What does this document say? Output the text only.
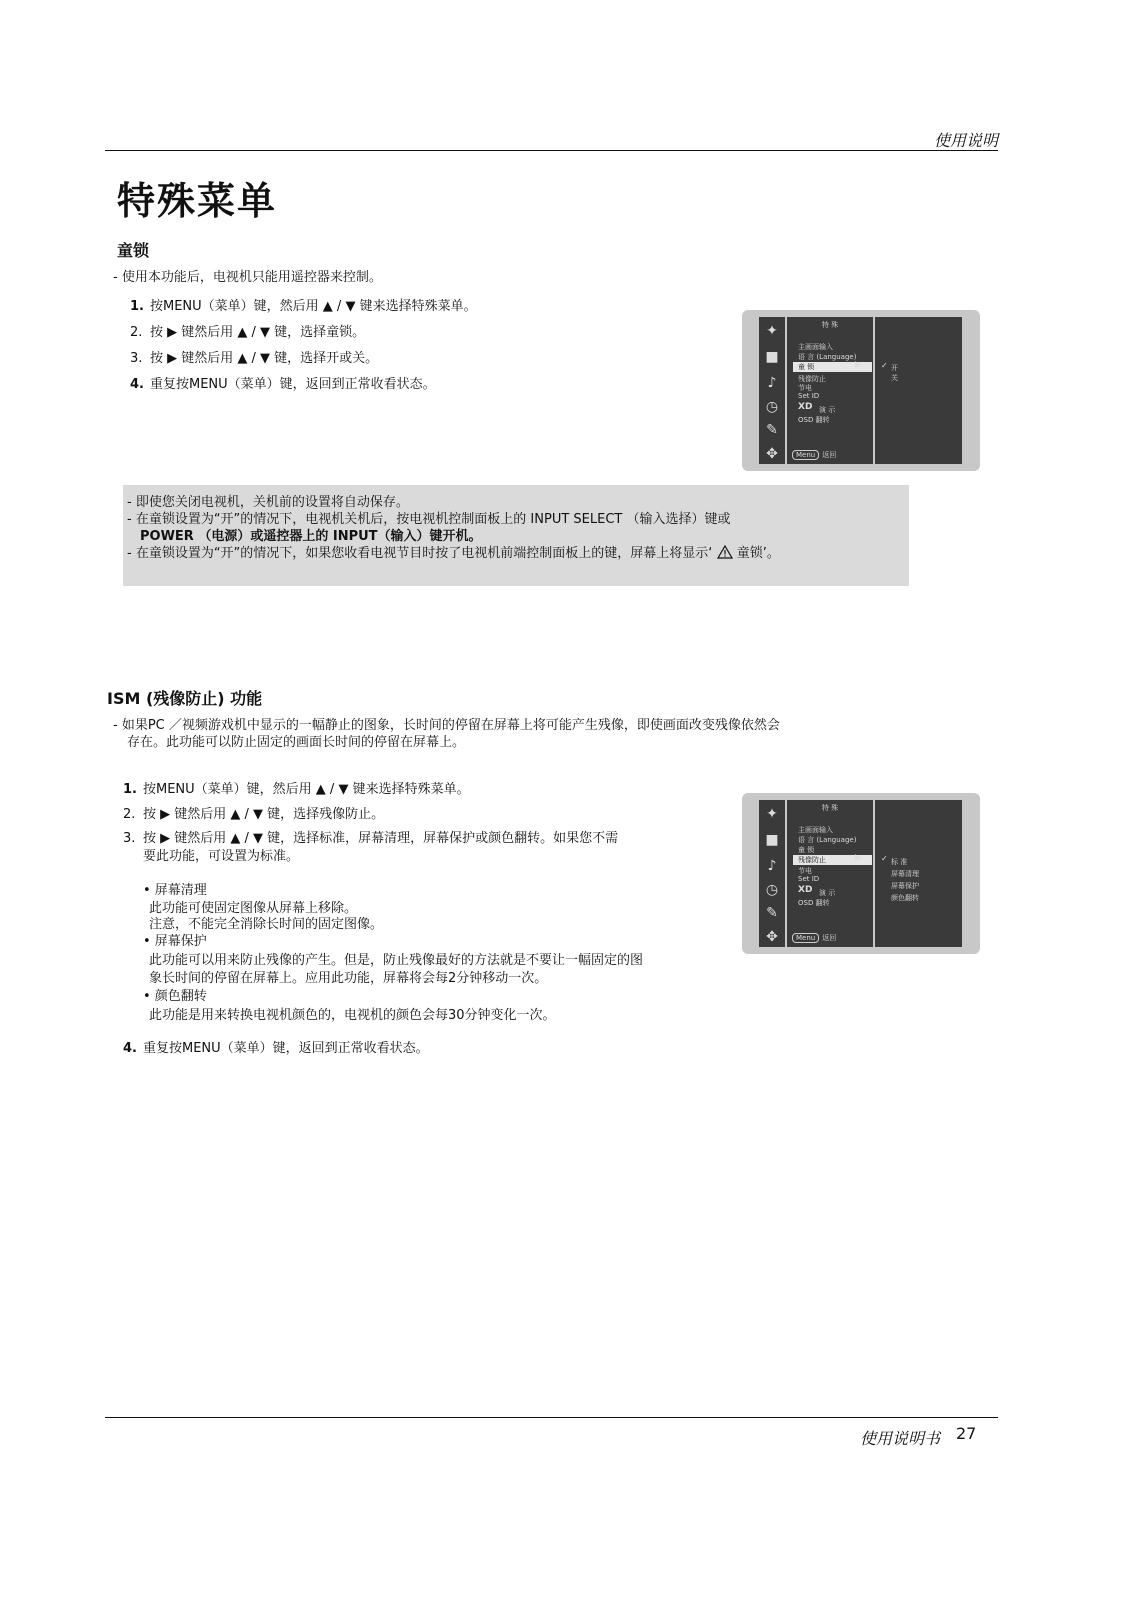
使用说明
特殊菜单
童锁
- 使用本功能后，电视机只能用遥控器来控制。
1. 按MENU（菜单）键，然后用 ▲ / ▼ 键来选择特殊菜单。
2. 按 ▶ 键然后用 ▲ / ▼ 键，选择童锁。
3. 按 ▶ 键然后用 ▲ / ▼ 键，选择开或关。
4. 重复按MENU（菜单）键，返回到正常收看状态。
✦
■
♪
◷
✎
✥
特 殊
主画面输入
语 言 (Language)
童 锁	▶
残像防止
节电
Set ID
XD 演 示
OSD 翻转
Menu 返回
✓ 开
关
- 即使您关闭电视机，关机前的设置将自动保存。
- 在童锁设置为“开”的情况下，电视机关机后，按电视机控制面板上的 INPUT SELECT （输入选择）键或
POWER （电源）或遥控器上的 INPUT（输入）键开机。
- 在童锁设置为“开”的情况下，如果您收看电视节目时按了电视机前端控制面板上的键，屏幕上将显示‘ 童锁’。
ISM (残像防止) 功能
- 如果PC ／视频游戏机中显示的一幅静止的图象，长时间的停留在屏幕上将可能产生残像，即使画面改变残像依然会
存在。此功能可以防止固定的画面长时间的停留在屏幕上。
1. 按MENU（菜单）键，然后用 ▲ / ▼ 键来选择特殊菜单。
2. 按 ▶ 键然后用 ▲ / ▼ 键，选择残像防止。
3. 按 ▶ 键然后用 ▲ / ▼ 键，选择标准，屏幕清理，屏幕保护或颜色翻转。如果您不需
要此功能，可设置为标准。
• 屏幕清理
此功能可使固定图像从屏幕上移除。
注意，不能完全消除长时间的固定图像。
• 屏幕保护
此功能可以用来防止残像的产生。但是，防止残像最好的方法就是不要让一幅固定的图
象长时间的停留在屏幕上。应用此功能，屏幕将会每2分钟移动一次。
• 颜色翻转
此功能是用来转换电视机颜色的，电视机的颜色会每30分钟变化一次。
4. 重复按MENU（菜单）键，返回到正常收看状态。
✦
■
♪
◷
✎
✥
特 殊
主画面输入
语 言 (Language)
童 锁
残像防止	▶
节电
Set ID
XD 演 示
OSD 翻转
Menu 返回
✓ 标 准
屏幕清理
屏幕保护
颜色翻转
使用说明书 27
